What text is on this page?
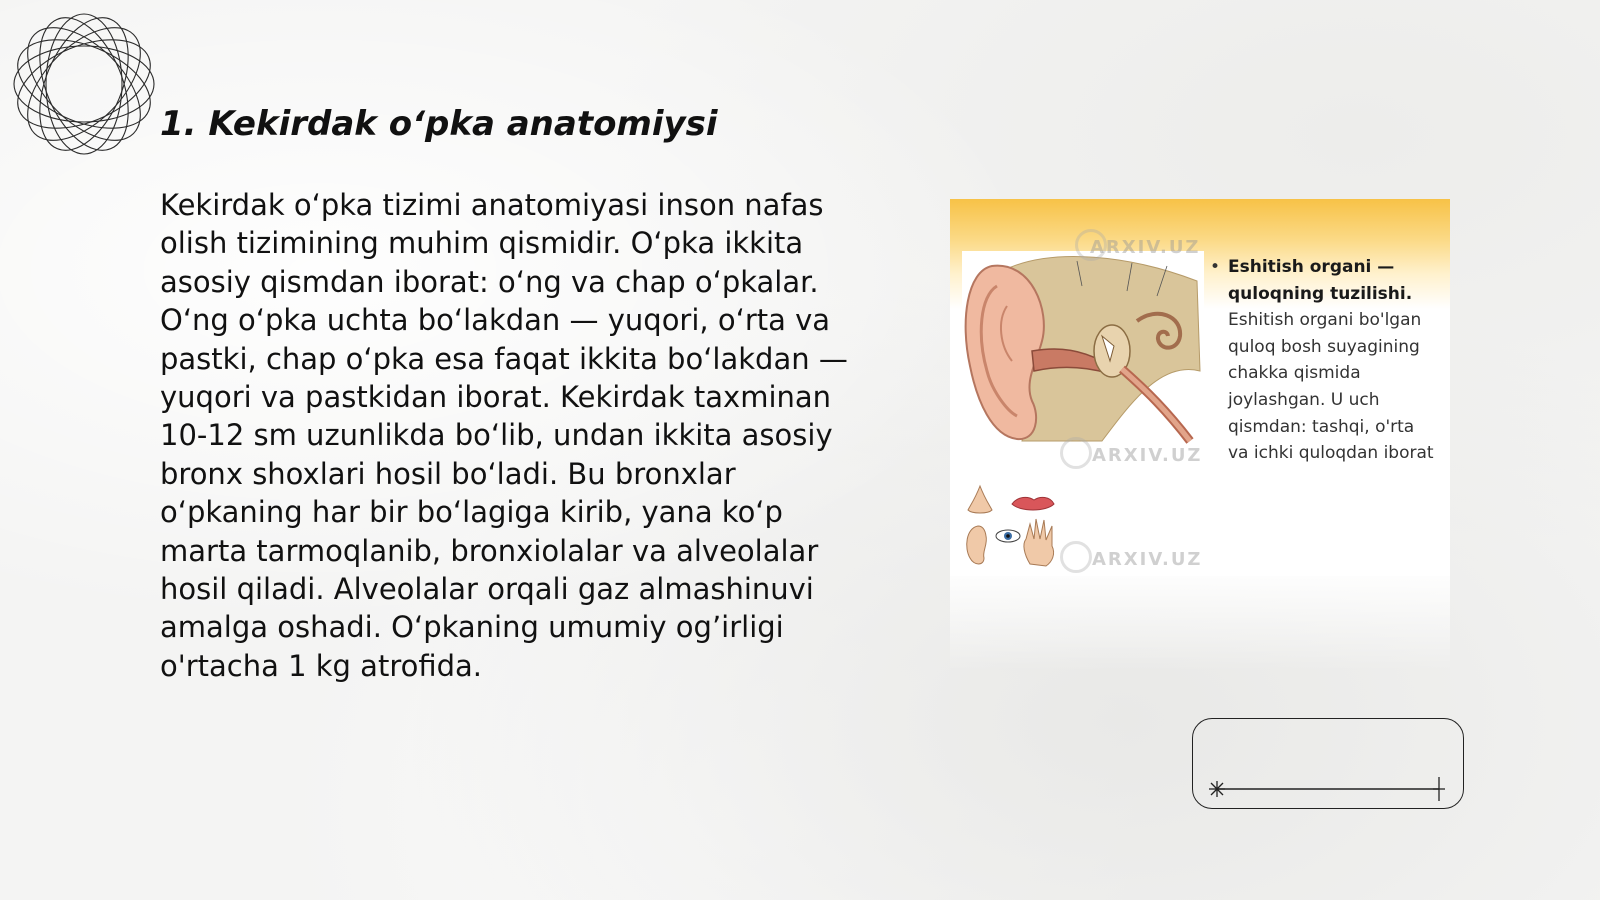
1. Kekirdak o‘pka anatomiysi
Kekirdak o‘pka tizimi anatomiyasi inson nafas olish tizimining muhim qismidir. O‘pka ikkita asosiy qismdan iborat: o‘ng va chap o‘pkalar. O‘ng o‘pka uchta bo‘lakdan — yuqori, o‘rta va pastki, chap o‘pka esa faqat ikkita bo‘lakdan — yuqori va pastkidan iborat. Kekirdak taxminan 10-12 sm uzunlikda bo‘lib, undan ikkita asosiy bronx shoxlari hosil bo‘ladi. Bu bronxlar o‘pkaning har bir bo‘lagiga kirib, yana ko‘p marta tarmoqlanib, bronxiolalar va alveolalar hosil qiladi. Alveolalar orqali gaz almashinuvi amalga oshadi. O‘pkaning umumiy og’irligi o'rtacha 1 kg atrofida.
ARXIV.UZ
ARXIV.UZ
ARXIV.UZ
• Eshitish organi — quloqning tuzilishi.
Eshitish organi bo'lgan quloq bosh suyagining chakka qismida joylashgan. U uch qismdan: tashqi, o'rta va ichki quloqdan iborat
